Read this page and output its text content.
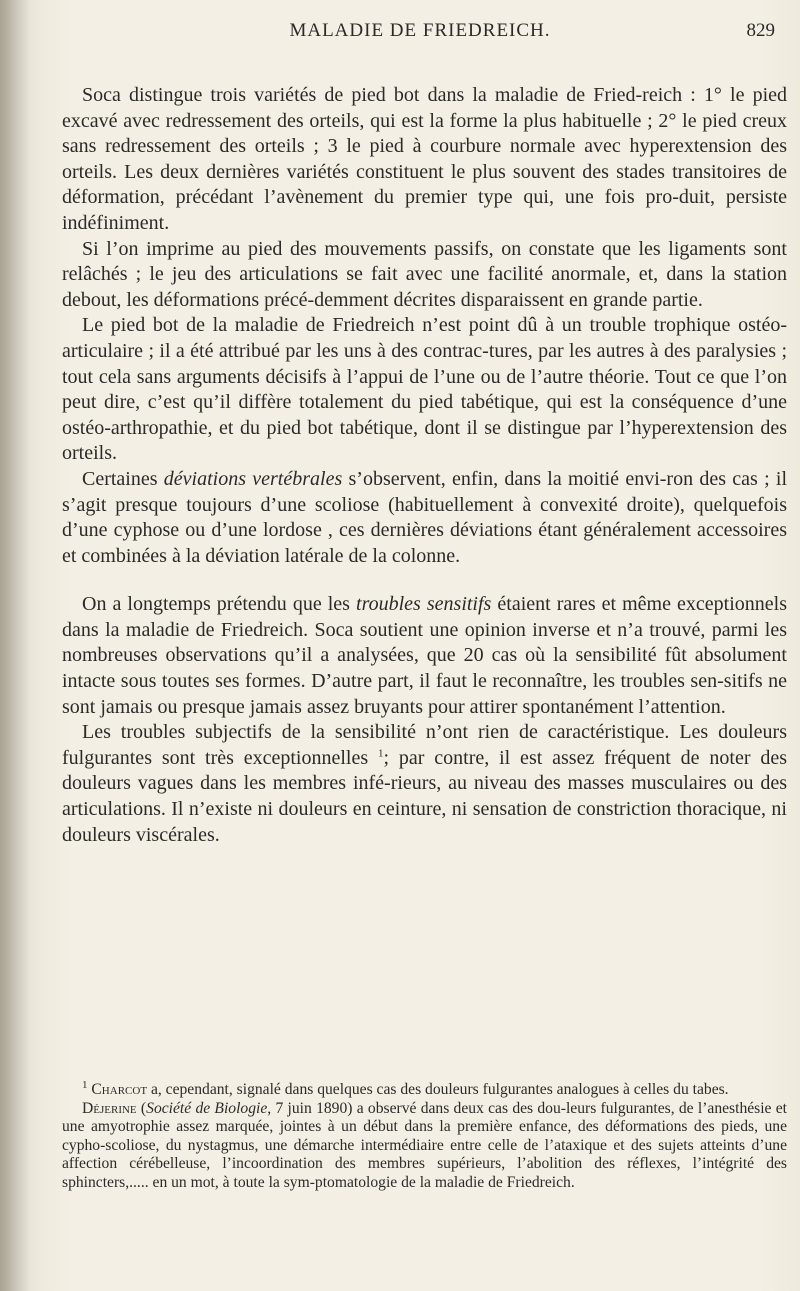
MALADIE DE FRIEDREICH.	829

Soca distingue trois variétés de pied bot dans la maladie de Fried-reich : 1° le pied excavé avec redressement des orteils, qui est la forme la plus habituelle ; 2° le pied creux sans redressement des orteils ; 3 le pied à courbure normale avec hyperextension des orteils. Les deux dernières variétés constituent le plus souvent des stades transitoires de déformation, précédant l’avènement du premier type qui, une fois pro-duit, persiste indéfiniment.

Si l’on imprime au pied des mouvements passifs, on constate que les ligaments sont relâchés ; le jeu des articulations se fait avec une facilité anormale, et, dans la station debout, les déformations précé-demment décrites disparaissent en grande partie.

Le pied bot de la maladie de Friedreich n’est point dû à un trouble trophique ostéo-articulaire ; il a été attribué par les uns à des contrac-tures, par les autres à des paralysies ; tout cela sans arguments décisifs à l’appui de l’une ou de l’autre théorie. Tout ce que l’on peut dire, c’est qu’il diffère totalement du pied tabétique, qui est la conséquence d’une ostéo-arthropathie, et du pied bot tabétique, dont il se distingue par l’hyperextension des orteils.

Certaines déviations vertébrales s’observent, enfin, dans la moitié envi-ron des cas ; il s’agit presque toujours d’une scoliose (habituellement à convexité droite), quelquefois d’une cyphose ou d’une lordose , ces dernières déviations étant généralement accessoires et combinées à la déviation latérale de la colonne.

On a longtemps prétendu que les troubles sensitifs étaient rares et même exceptionnels dans la maladie de Friedreich. Soca soutient une opinion inverse et n’a trouvé, parmi les nombreuses observations qu’il a analysées, que 20 cas où la sensibilité fût absolument intacte sous toutes ses formes. D’autre part, il faut le reconnaître, les troubles sen-sitifs ne sont jamais ou presque jamais assez bruyants pour attirer spontanément l’attention.

Les troubles subjectifs de la sensibilité n’ont rien de caractéristique. Les douleurs fulgurantes sont très exceptionnelles $^1$; par contre, il est assez fréquent de noter des douleurs vagues dans les membres infé-rieurs, au niveau des masses musculaires ou des articulations. Il n’existe ni douleurs en ceinture, ni sensation de constriction thoracique, ni douleurs viscérales.

$^1$ Charcot a, cependant, signalé dans quelques cas des douleurs fulgurantes analogues à celles du tabes.

Déjerine (Société de Biologie, 7 juin 1890) a observé dans deux cas des dou-leurs fulgurantes, de l’anesthésie et une amyotrophie assez marquée, jointes à un début dans la première enfance, des déformations des pieds, une cypho-scoliose, du nystagmus, une démarche intermédiaire entre celle de l’ataxique et des sujets atteints d’une affection cérébelleuse, l’incoordination des membres supérieurs, l’abolition des réflexes, l’intégrité des sphincters,..... en un mot, à toute la sym-ptomatologie de la maladie de Friedreich.
